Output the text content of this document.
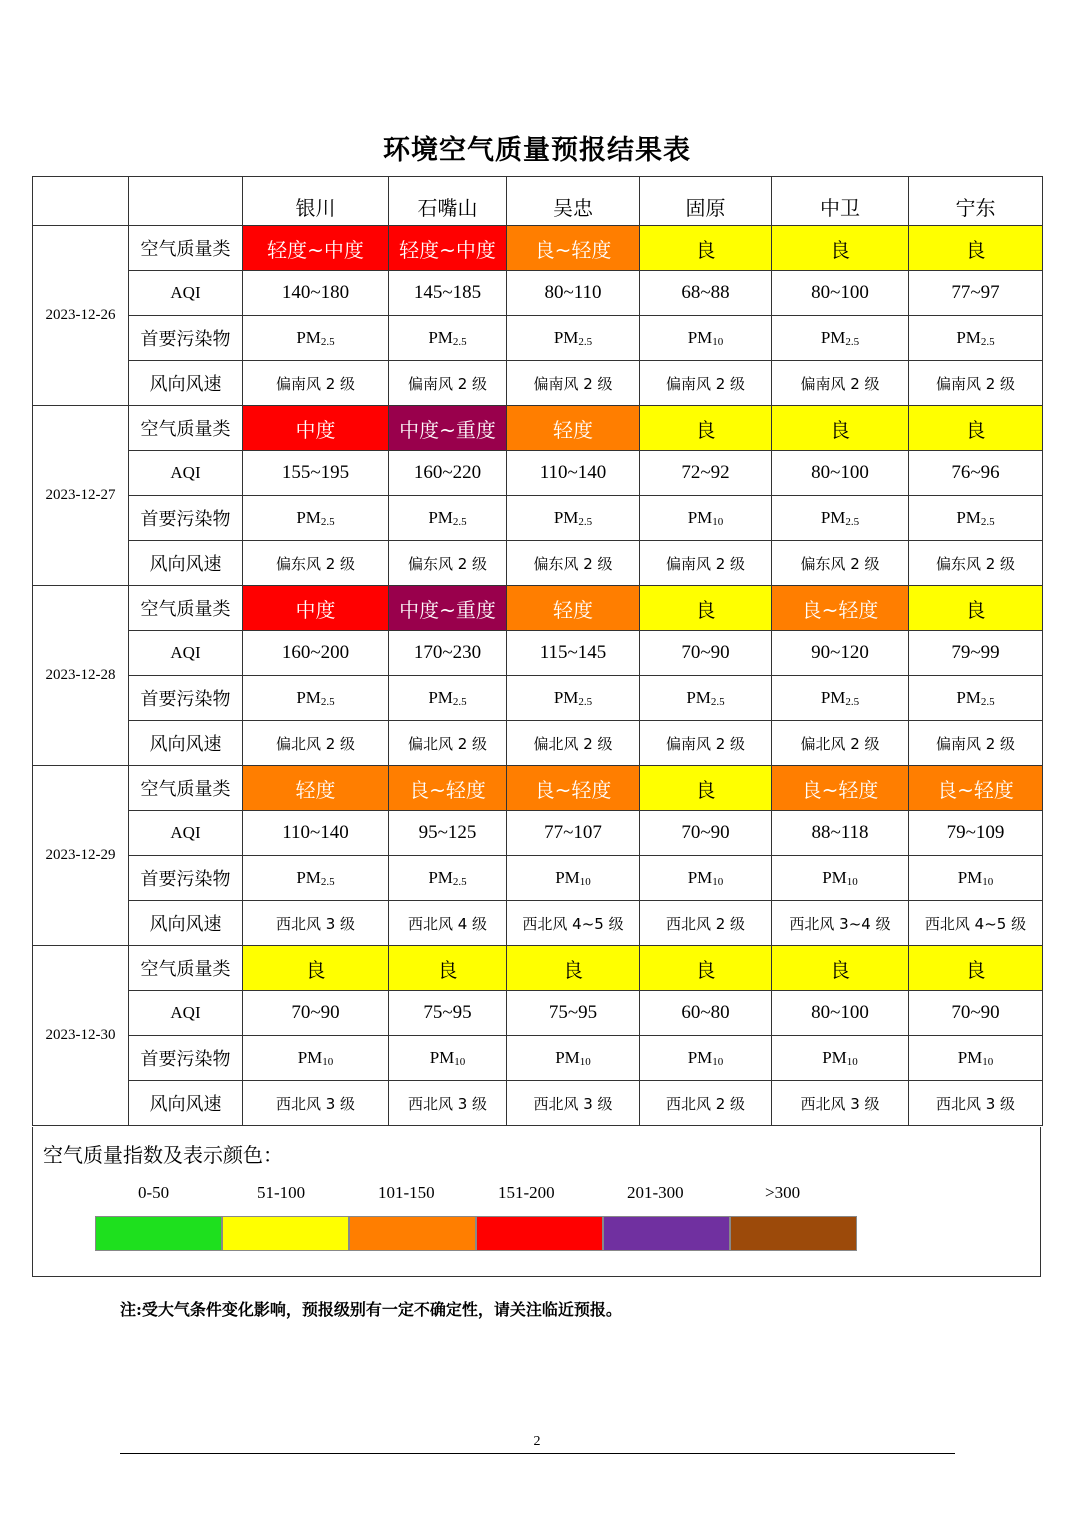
环境空气质量预报结果表
		银川	石嘴山	吴忠	固原	中卫	宁东
2023-12-26	空气质量类	轻度~中度	轻度~中度	良~轻度	良	良	良
	AQI	140~180	145~185	80~110	68~88	80~100	77~97
	首要污染物	$PM_{2.5}$	$PM_{2.5}$	$PM_{2.5}$	$PM_{10}$	$PM_{2.5}$	$PM_{2.5}$
	风向风速	偏南风 2 级	偏南风 2 级	偏南风 2 级	偏南风 2 级	偏南风 2 级	偏南风 2 级
2023-12-27	空气质量类	中度	中度~重度	轻度	良	良	良
	AQI	155~195	160~220	110~140	72~92	80~100	76~96
	首要污染物	$PM_{2.5}$	$PM_{2.5}$	$PM_{2.5}$	$PM_{10}$	$PM_{2.5}$	$PM_{2.5}$
	风向风速	偏东风 2 级	偏东风 2 级	偏东风 2 级	偏南风 2 级	偏东风 2 级	偏东风 2 级
2023-12-28	空气质量类	中度	中度~重度	轻度	良	良~轻度	良
	AQI	160~200	170~230	115~145	70~90	90~120	79~99
	首要污染物	$PM_{2.5}$	$PM_{2.5}$	$PM_{2.5}$	$PM_{2.5}$	$PM_{2.5}$	$PM_{2.5}$
	风向风速	偏北风 2 级	偏北风 2 级	偏北风 2 级	偏南风 2 级	偏北风 2 级	偏南风 2 级
2023-12-29	空气质量类	轻度	良~轻度	良~轻度	良	良~轻度	良~轻度
	AQI	110~140	95~125	77~107	70~90	88~118	79~109
	首要污染物	$PM_{2.5}$	$PM_{2.5}$	$PM_{10}$	$PM_{10}$	$PM_{10}$	$PM_{10}$
	风向风速	西北风 3 级	西北风 4 级	西北风 4~5 级	西北风 2 级	西北风 3~4 级	西北风 4~5 级
2023-12-30	空气质量类	良	良	良	良	良	良
	AQI	70~90	75~95	75~95	60~80	80~100	70~90
	首要污染物	$PM_{10}$	$PM_{10}$	$PM_{10}$	$PM_{10}$	$PM_{10}$	$PM_{10}$
	风向风速	西北风 3 级	西北风 3 级	西北风 3 级	西北风 2 级	西北风 3 级	西北风 3 级
空气质量指数及表示颜色：
0-50	51-100	101-150	151-200	201-300	>300
注:受大气条件变化影响，预报级别有一定不确定性，请关注临近预报。
2
